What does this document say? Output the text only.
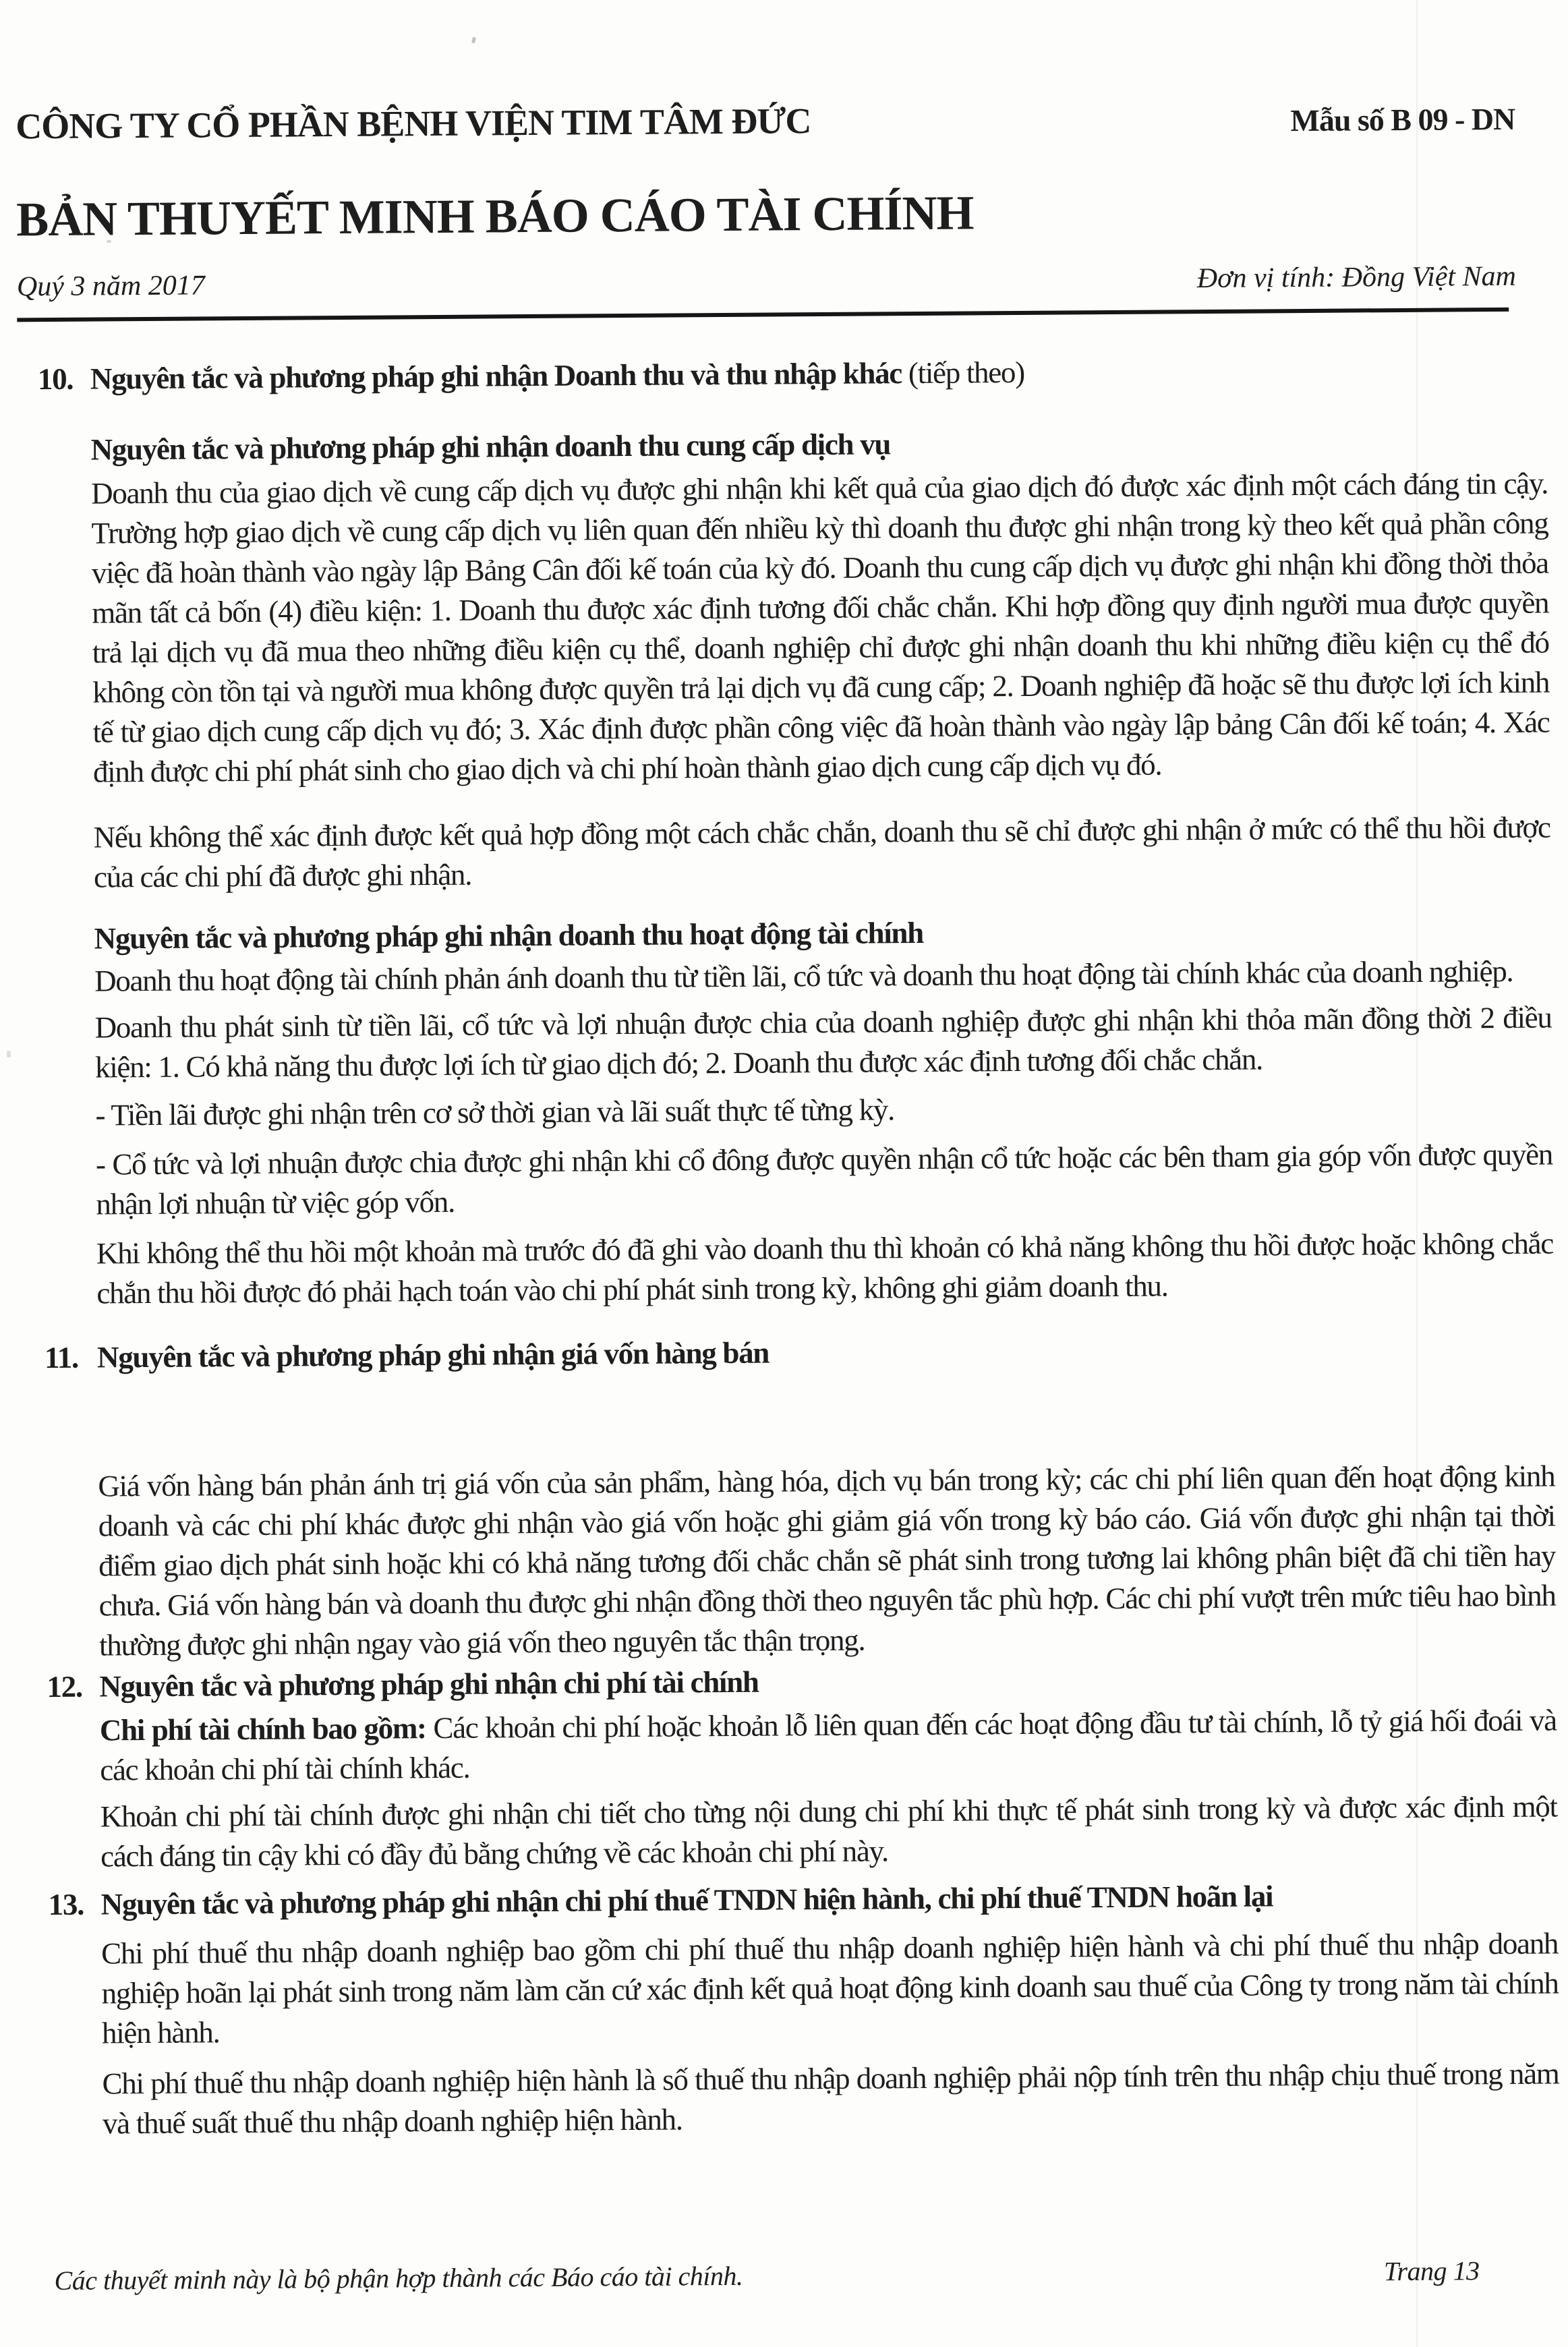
CÔNG TY CỔ PHẦN BỆNH VIỆN TIM TÂM ĐỨC	Mẫu số B 09 - DN
BẢN THUYẾT MINH BÁO CÁO TÀI CHÍNH
Quý 3 năm 2017	Đơn vị tính: Đồng Việt Nam
10. Nguyên tắc và phương pháp ghi nhận Doanh thu và thu nhập khác (tiếp theo)
Nguyên tắc và phương pháp ghi nhận doanh thu cung cấp dịch vụ

Doanh thu của giao dịch về cung cấp dịch vụ được ghi nhận khi kết quả của giao dịch đó được xác định một cách đáng tin cậy. Trường hợp giao dịch về cung cấp dịch vụ liên quan đến nhiều kỳ thì doanh thu được ghi nhận trong kỳ theo kết quả phần công việc đã hoàn thành vào ngày lập Bảng Cân đối kế toán của kỳ đó. Doanh thu cung cấp dịch vụ được ghi nhận khi đồng thời thỏa mãn tất cả bốn (4) điều kiện: 1. Doanh thu được xác định tương đối chắc chắn. Khi hợp đồng quy định người mua được quyền trả lại dịch vụ đã mua theo những điều kiện cụ thể, doanh nghiệp chỉ được ghi nhận doanh thu khi những điều kiện cụ thể đó không còn tồn tại và người mua không được quyền trả lại dịch vụ đã cung cấp; 2. Doanh nghiệp đã hoặc sẽ thu được lợi ích kinh tế từ giao dịch cung cấp dịch vụ đó; 3. Xác định được phần công việc đã hoàn thành vào ngày lập bảng Cân đối kế toán; 4. Xác định được chi phí phát sinh cho giao dịch và chi phí hoàn thành giao dịch cung cấp dịch vụ đó.

Nếu không thể xác định được kết quả hợp đồng một cách chắc chắn, doanh thu sẽ chỉ được ghi nhận ở mức có thể thu hồi được của các chi phí đã được ghi nhận.

Nguyên tắc và phương pháp ghi nhận doanh thu hoạt động tài chính

Doanh thu hoạt động tài chính phản ánh doanh thu từ tiền lãi, cổ tức và doanh thu hoạt động tài chính khác của doanh nghiệp.

Doanh thu phát sinh từ tiền lãi, cổ tức và lợi nhuận được chia của doanh nghiệp được ghi nhận khi thỏa mãn đồng thời 2 điều kiện: 1. Có khả năng thu được lợi ích từ giao dịch đó; 2. Doanh thu được xác định tương đối chắc chắn.

- Tiền lãi được ghi nhận trên cơ sở thời gian và lãi suất thực tế từng kỳ.

- Cổ tức và lợi nhuận được chia được ghi nhận khi cổ đông được quyền nhận cổ tức hoặc các bên tham gia góp vốn được quyền nhận lợi nhuận từ việc góp vốn.

Khi không thể thu hồi một khoản mà trước đó đã ghi vào doanh thu thì khoản có khả năng không thu hồi được hoặc không chắc chắn thu hồi được đó phải hạch toán vào chi phí phát sinh trong kỳ, không ghi giảm doanh thu.

11. Nguyên tắc và phương pháp ghi nhận giá vốn hàng bán

Giá vốn hàng bán phản ánh trị giá vốn của sản phẩm, hàng hóa, dịch vụ bán trong kỳ; các chi phí liên quan đến hoạt động kinh doanh và các chi phí khác được ghi nhận vào giá vốn hoặc ghi giảm giá vốn trong kỳ báo cáo. Giá vốn được ghi nhận tại thời điểm giao dịch phát sinh hoặc khi có khả năng tương đối chắc chắn sẽ phát sinh trong tương lai không phân biệt đã chi tiền hay chưa. Giá vốn hàng bán và doanh thu được ghi nhận đồng thời theo nguyên tắc phù hợp. Các chi phí vượt trên mức tiêu hao bình thường được ghi nhận ngay vào giá vốn theo nguyên tắc thận trọng.

12. Nguyên tắc và phương pháp ghi nhận chi phí tài chính

Chi phí tài chính bao gồm: Các khoản chi phí hoặc khoản lỗ liên quan đến các hoạt động đầu tư tài chính, lỗ tỷ giá hối đoái và các khoản chi phí tài chính khác.

Khoản chi phí tài chính được ghi nhận chi tiết cho từng nội dung chi phí khi thực tế phát sinh trong kỳ và được xác định một cách đáng tin cậy khi có đầy đủ bằng chứng về các khoản chi phí này.

13. Nguyên tắc và phương pháp ghi nhận chi phí thuế TNDN hiện hành, chi phí thuế TNDN hoãn lại

Chi phí thuế thu nhập doanh nghiệp bao gồm chi phí thuế thu nhập doanh nghiệp hiện hành và chi phí thuế thu nhập doanh nghiệp hoãn lại phát sinh trong năm làm căn cứ xác định kết quả hoạt động kinh doanh sau thuế của Công ty trong năm tài chính hiện hành.

Chi phí thuế thu nhập doanh nghiệp hiện hành là số thuế thu nhập doanh nghiệp phải nộp tính trên thu nhập chịu thuế trong năm và thuế suất thuế thu nhập doanh nghiệp hiện hành.

Các thuyết minh này là bộ phận hợp thành các Báo cáo tài chính.	Trang 13
